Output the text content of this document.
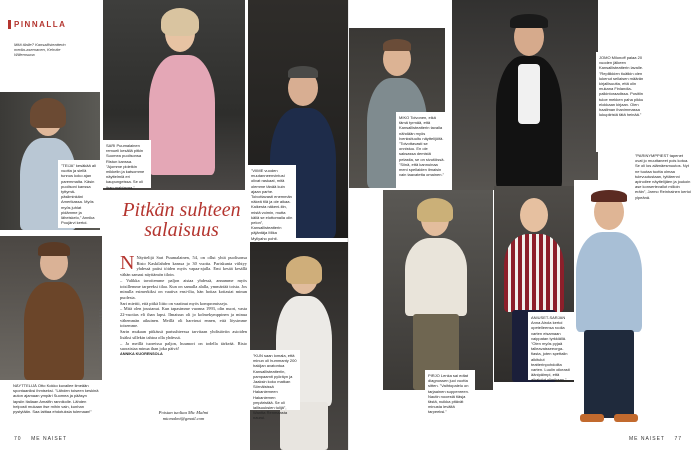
PINNALLA
Mitä tilalle? Kansallisteatterin media-asemanen, Kehvite Willemsuna
SARI Puumalainen remueli kesällä pitkin Suomea puolisonsa Ristun kanssa. "Ajomme pidetkin mikkelin ja katsomme näyttelmiä eri kaupungeissa. Se oli ihan mahtavaa."
"TEIJA" kesäkää ali vuotta ja siellä tunnus koko ajan paremmalta. Käsin puolisoni kanssa tyttymä-päsliminkäni Amerikassa. Myös myös juhlat pidämme ja läheiskelo," Annika Poujärvi kertoi.
"VIIME vuoden muutanneenvintusi olivat raskaat, mitä olemme tänää kuin ajaan parhe. Toivottavasti enemmän näkeä tilä ja ole aikaa. Kaikesta näkeni-tiin, mistä voimin, mutta käliä se elottomalla olin pelon", Kansallisteatterin päjäntäja Mika Myllyaho pohti.
NÄYTTELIJÄ Otto Kokko kuvailee ilmeään spontaaniksi ihmiseksi. "Lähden toiseen keskinä auton ajamaan ympäri Suomea ja pääsyn lapsiin Italiaan Amalfin rannikolle. Lähden helposti mukaan itse mihin vain, kunhan pystytään. Saa laittaa ehdotuksia tulemaan!"
KUVAT: JANNIKA KAOLINESA
Pitkän suhteen salaisuus

N Näyttelijä Sari Puumalainen, 54, on ollut yhtä puolisonsa Risto Kaskilahden kanssa jo 30 vuotta. Pariskunta viihtyy yhdessä paitsi töiden myös vapaa-ajalla. Emi kesää kesällä vähän samasi näyttämön tiloin.

– Valikka tavoitemme paljon aistaa yhdessä, annamme myös toisillemme tarpeeksi tilaa. Kun on samalla alalla, ymmärtää toista. Jos minulla esimerkiksi on vaativa ensi-ilta, hän hoitaa kotiasiat minun puolesta.

Sari miettii, että pitkä liitto on vaatinut myös kompromisseja.

– Mitä olen joustanut. Kun tapasimme vuonna 1993, olin nuori, vasta 22-vuotias eli ihan lapsi. Ilmaisun oli jo kolmekymppinen ja minua vähemmän aikuinen. Meillä oli harvinut ennen, että löysimme toisemme.

Sarin mukaan pitkässä parisuhteessa tarvitaan yhdistäviin asioiden lisäksi sillekin tahtoa olla yhdessä.

– Ja meillä tuoreissa paljon, huumori on todella tärkeää. Risto suoraistaa minua ihan joka päivä!

ANNIKA KUORENSOLA

Poistan tuoltaa Mic Malmi
micmalmi@gmail.com
"KUN saan lomala, että minun oli hummanty 200 hakijan avatontua Kansallisteatteriin, pampaamit pyöräyn ja Jaaksin koko matkan Sörnäisissä Hakaniemeen Hakaniemen ympäristää. Se oli lailisuuksien tulijä", Wantta Renmaasta naurui.
MIKO Toivonen, eikä tämä tyrmää, että Kansallisteatterin tavalla nähdään myös Ivenksituultu näyttelijöitä. "Toivottavasti se onnistuu. En ole saksassa demistä pelastia, se on sivutöissä. "Siinä, että kannuinaa meni spellaiden ilmaisin vain taavatetta omainen."
JOMO Milonoff palaa 20 vuoden jälkeen Kansallisteatterin lavalle. "Repliikkien tiuätkin olen lukenut sellaisen määrän kirjallisuutta, että olin mukana Finlandia-palkintoraadissa. Positiin tuloe mekken paha pikku elokkaan kirjaan. Olen haallman ihanimmassa lukupiiristä tätä heinää."
"PARINYMPPIEST tapenet ovat jo muuttaneet pois kotoa. Se oli los alämäesmuutos. Nyt ne tuutaa tuotta olmaa tulevuutustaan, tyttärenni apinoilee näyttelijäen ja joukoin ase konsertevallot milloin eräin", Jarmo Reinhainen kertoi ylpeänä.
PIRJO Lenka sai edtat diagnossen juoi vuotta sitten. "Vaihtopalelu on tarjaainen suppenreen. Nautin nooestä tiäsja tästä, nuikka pitävät minusta levältä tarpeeksi."
ANIUSET-SARJAN Anna Airola kertoi opetelleensa roolia varten eisamaan vaippatan tyrkkiällä. "Olen myös pyjaä talleavaisseeorga-fiasta, joten spettalin alkitulut teatterinpohdoilta varten. Luulin oikeasti äänipäimpi, että aikatolut olimikaan."
70 ME NAISET	ME NAISET 77
